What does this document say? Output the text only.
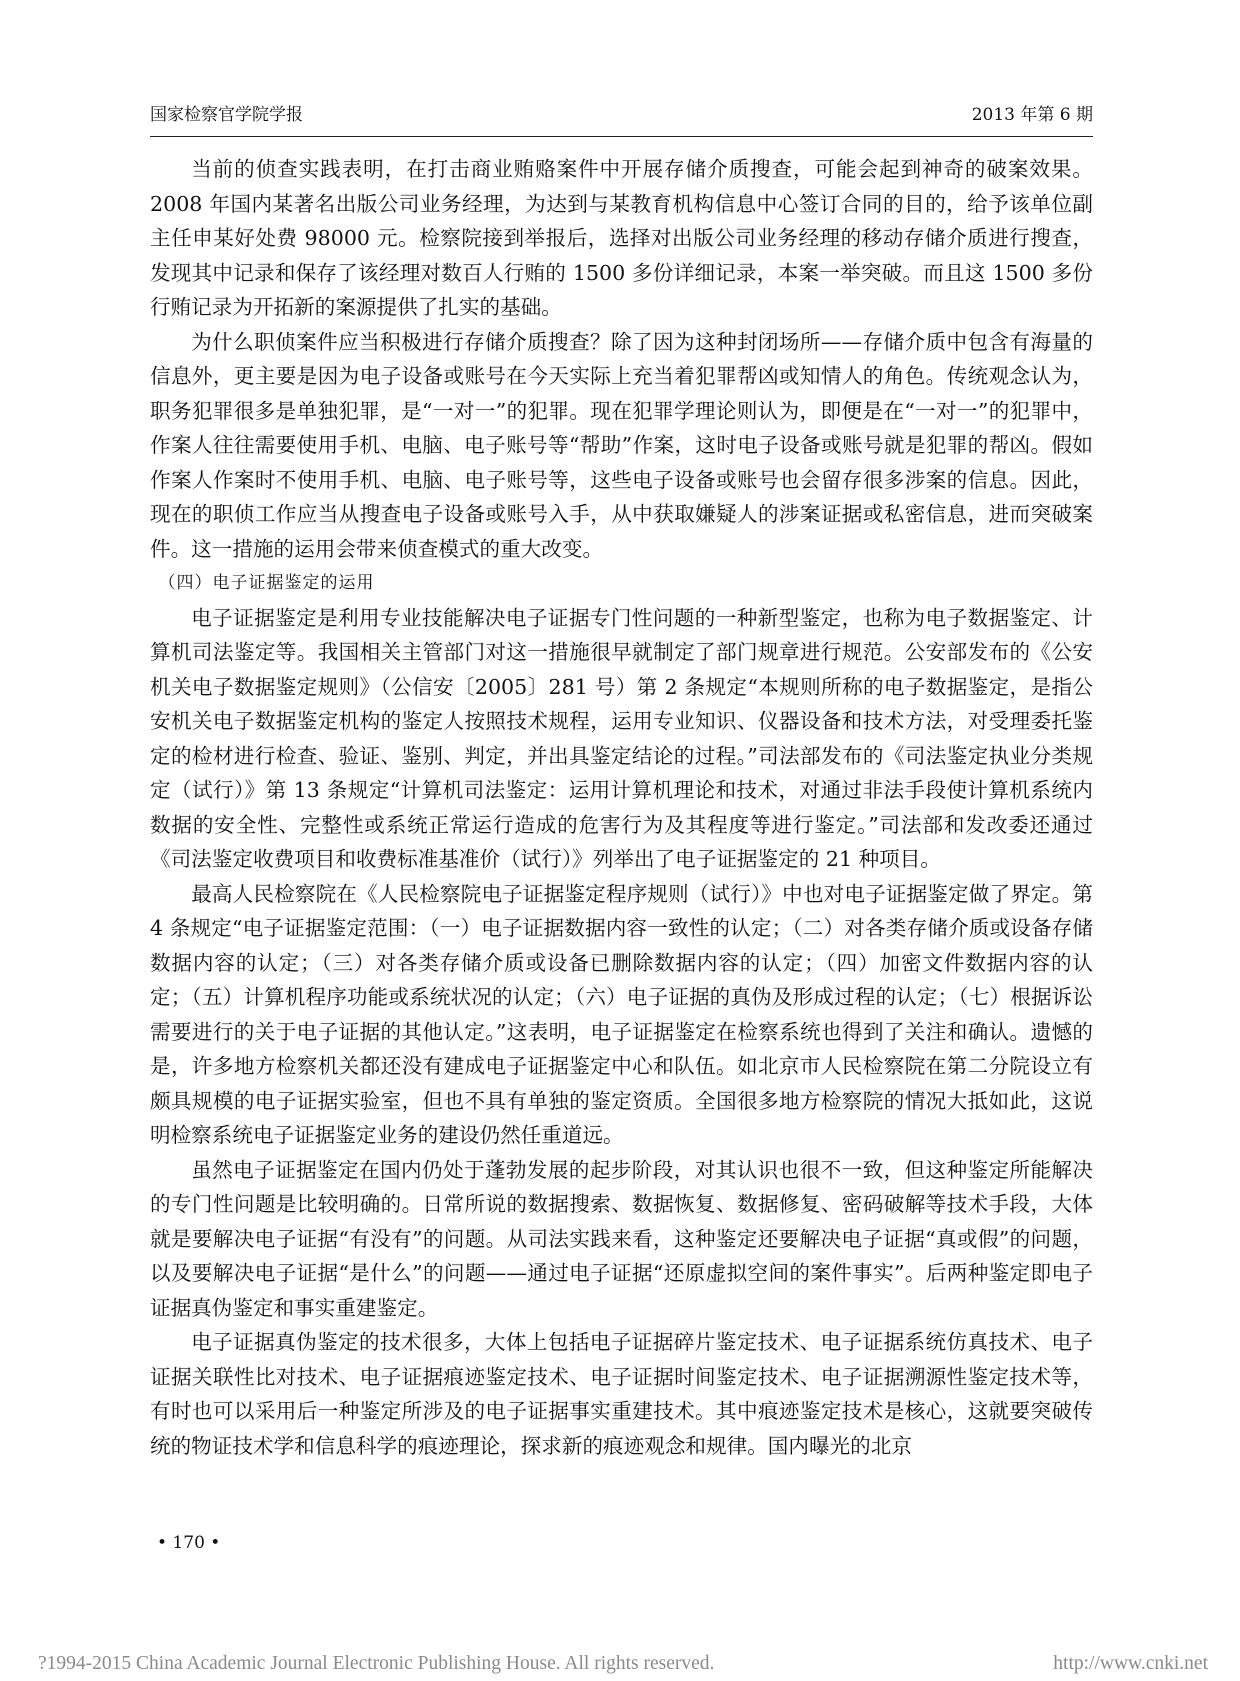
国家检察官学院学报	2013 年第 6 期

当前的侦查实践表明，在打击商业贿赂案件中开展存储介质搜查，可能会起到神奇的破案效果。2008 年国内某著名出版公司业务经理，为达到与某教育机构信息中心签订合同的目的，给予该单位副主任申某好处费 98000 元。检察院接到举报后，选择对出版公司业务经理的移动存储介质进行搜查，发现其中记录和保存了该经理对数百人行贿的 1500 多份详细记录，本案一举突破。而且这 1500 多份行贿记录为开拓新的案源提供了扎实的基础。

为什么职侦案件应当积极进行存储介质搜查？除了因为这种封闭场所——存储介质中包含有海量的信息外，更主要是因为电子设备或账号在今天实际上充当着犯罪帮凶或知情人的角色。传统观念认为，职务犯罪很多是单独犯罪，是“一对一”的犯罪。现在犯罪学理论则认为，即便是在“一对一”的犯罪中，作案人往往需要使用手机、电脑、电子账号等“帮助”作案，这时电子设备或账号就是犯罪的帮凶。假如作案人作案时不使用手机、电脑、电子账号等，这些电子设备或账号也会留存很多涉案的信息。因此，现在的职侦工作应当从搜查电子设备或账号入手，从中获取嫌疑人的涉案证据或私密信息，进而突破案件。这一措施的运用会带来侦查模式的重大改变。

（四）电子证据鉴定的运用

电子证据鉴定是利用专业技能解决电子证据专门性问题的一种新型鉴定，也称为电子数据鉴定、计算机司法鉴定等。我国相关主管部门对这一措施很早就制定了部门规章进行规范。公安部发布的《公安机关电子数据鉴定规则》（公信安〔2005〕281 号）第 2 条规定“本规则所称的电子数据鉴定，是指公安机关电子数据鉴定机构的鉴定人按照技术规程，运用专业知识、仪器设备和技术方法，对受理委托鉴定的检材进行检查、验证、鉴别、判定，并出具鉴定结论的过程。”司法部发布的《司法鉴定执业分类规定（试行）》第 13 条规定“计算机司法鉴定：运用计算机理论和技术，对通过非法手段使计算机系统内数据的安全性、完整性或系统正常运行造成的危害行为及其程度等进行鉴定。”司法部和发改委还通过《司法鉴定收费项目和收费标准基准价（试行）》列举出了电子证据鉴定的 21 种项目。

最高人民检察院在《人民检察院电子证据鉴定程序规则（试行）》中也对电子证据鉴定做了界定。第 4 条规定“电子证据鉴定范围：（一）电子证据数据内容一致性的认定；（二）对各类存储介质或设备存储数据内容的认定；（三）对各类存储介质或设备已删除数据内容的认定；（四）加密文件数据内容的认定；（五）计算机程序功能或系统状况的认定；（六）电子证据的真伪及形成过程的认定；（七）根据诉讼需要进行的关于电子证据的其他认定。”这表明，电子证据鉴定在检察系统也得到了关注和确认。遗憾的是，许多地方检察机关都还没有建成电子证据鉴定中心和队伍。如北京市人民检察院在第二分院设立有颇具规模的电子证据实验室，但也不具有单独的鉴定资质。全国很多地方检察院的情况大抵如此，这说明检察系统电子证据鉴定业务的建设仍然任重道远。

虽然电子证据鉴定在国内仍处于蓬勃发展的起步阶段，对其认识也很不一致，但这种鉴定所能解决的专门性问题是比较明确的。日常所说的数据搜索、数据恢复、数据修复、密码破解等技术手段，大体就是要解决电子证据“有没有”的问题。从司法实践来看，这种鉴定还要解决电子证据“真或假”的问题，以及要解决电子证据“是什么”的问题——通过电子证据“还原虚拟空间的案件事实”。后两种鉴定即电子证据真伪鉴定和事实重建鉴定。

电子证据真伪鉴定的技术很多，大体上包括电子证据碎片鉴定技术、电子证据系统仿真技术、电子证据关联性比对技术、电子证据痕迹鉴定技术、电子证据时间鉴定技术、电子证据溯源性鉴定技术等，有时也可以采用后一种鉴定所涉及的电子证据事实重建技术。其中痕迹鉴定技术是核心，这就要突破传统的物证技术学和信息科学的痕迹理论，探求新的痕迹观念和规律。国内曝光的北京

• 170 •
?1994-2015 China Academic Journal Electronic Publishing House. All rights reserved.	http://www.cnki.net
